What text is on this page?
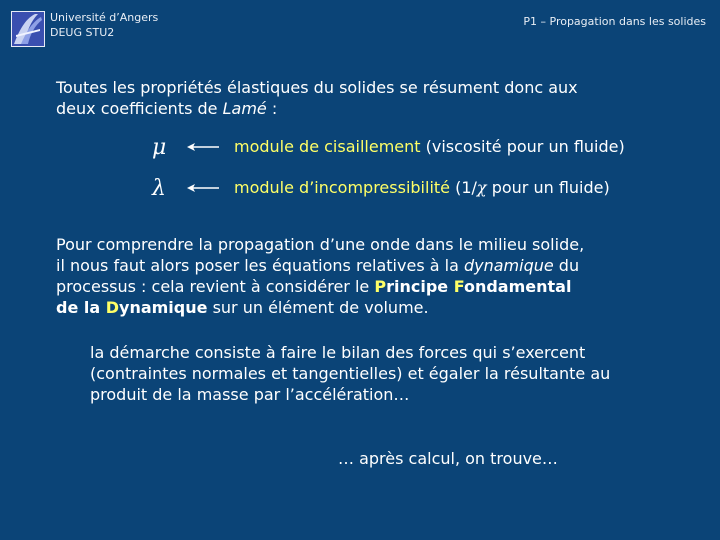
Université d’Angers
DEUG STU2
P1 – Propagation dans les solides
Toutes les propriétés élastiques du solides se résument donc aux
deux coefficients de Lamé :
μ	module de cisaillement (viscosité pour un fluide)
λ	module d’incompressibilité (1/χ pour un fluide)
Pour comprendre la propagation d’une onde dans le milieu solide,
il nous faut alors poser les équations relatives à la dynamique du
processus : cela revient à considérer le Principe Fondamental
de la Dynamique sur un élément de volume.
la démarche consiste à faire le bilan des forces qui s’exercent
(contraintes normales et tangentielles) et égaler la résultante au
produit de la masse par l’accélération…
… après calcul, on trouve…
